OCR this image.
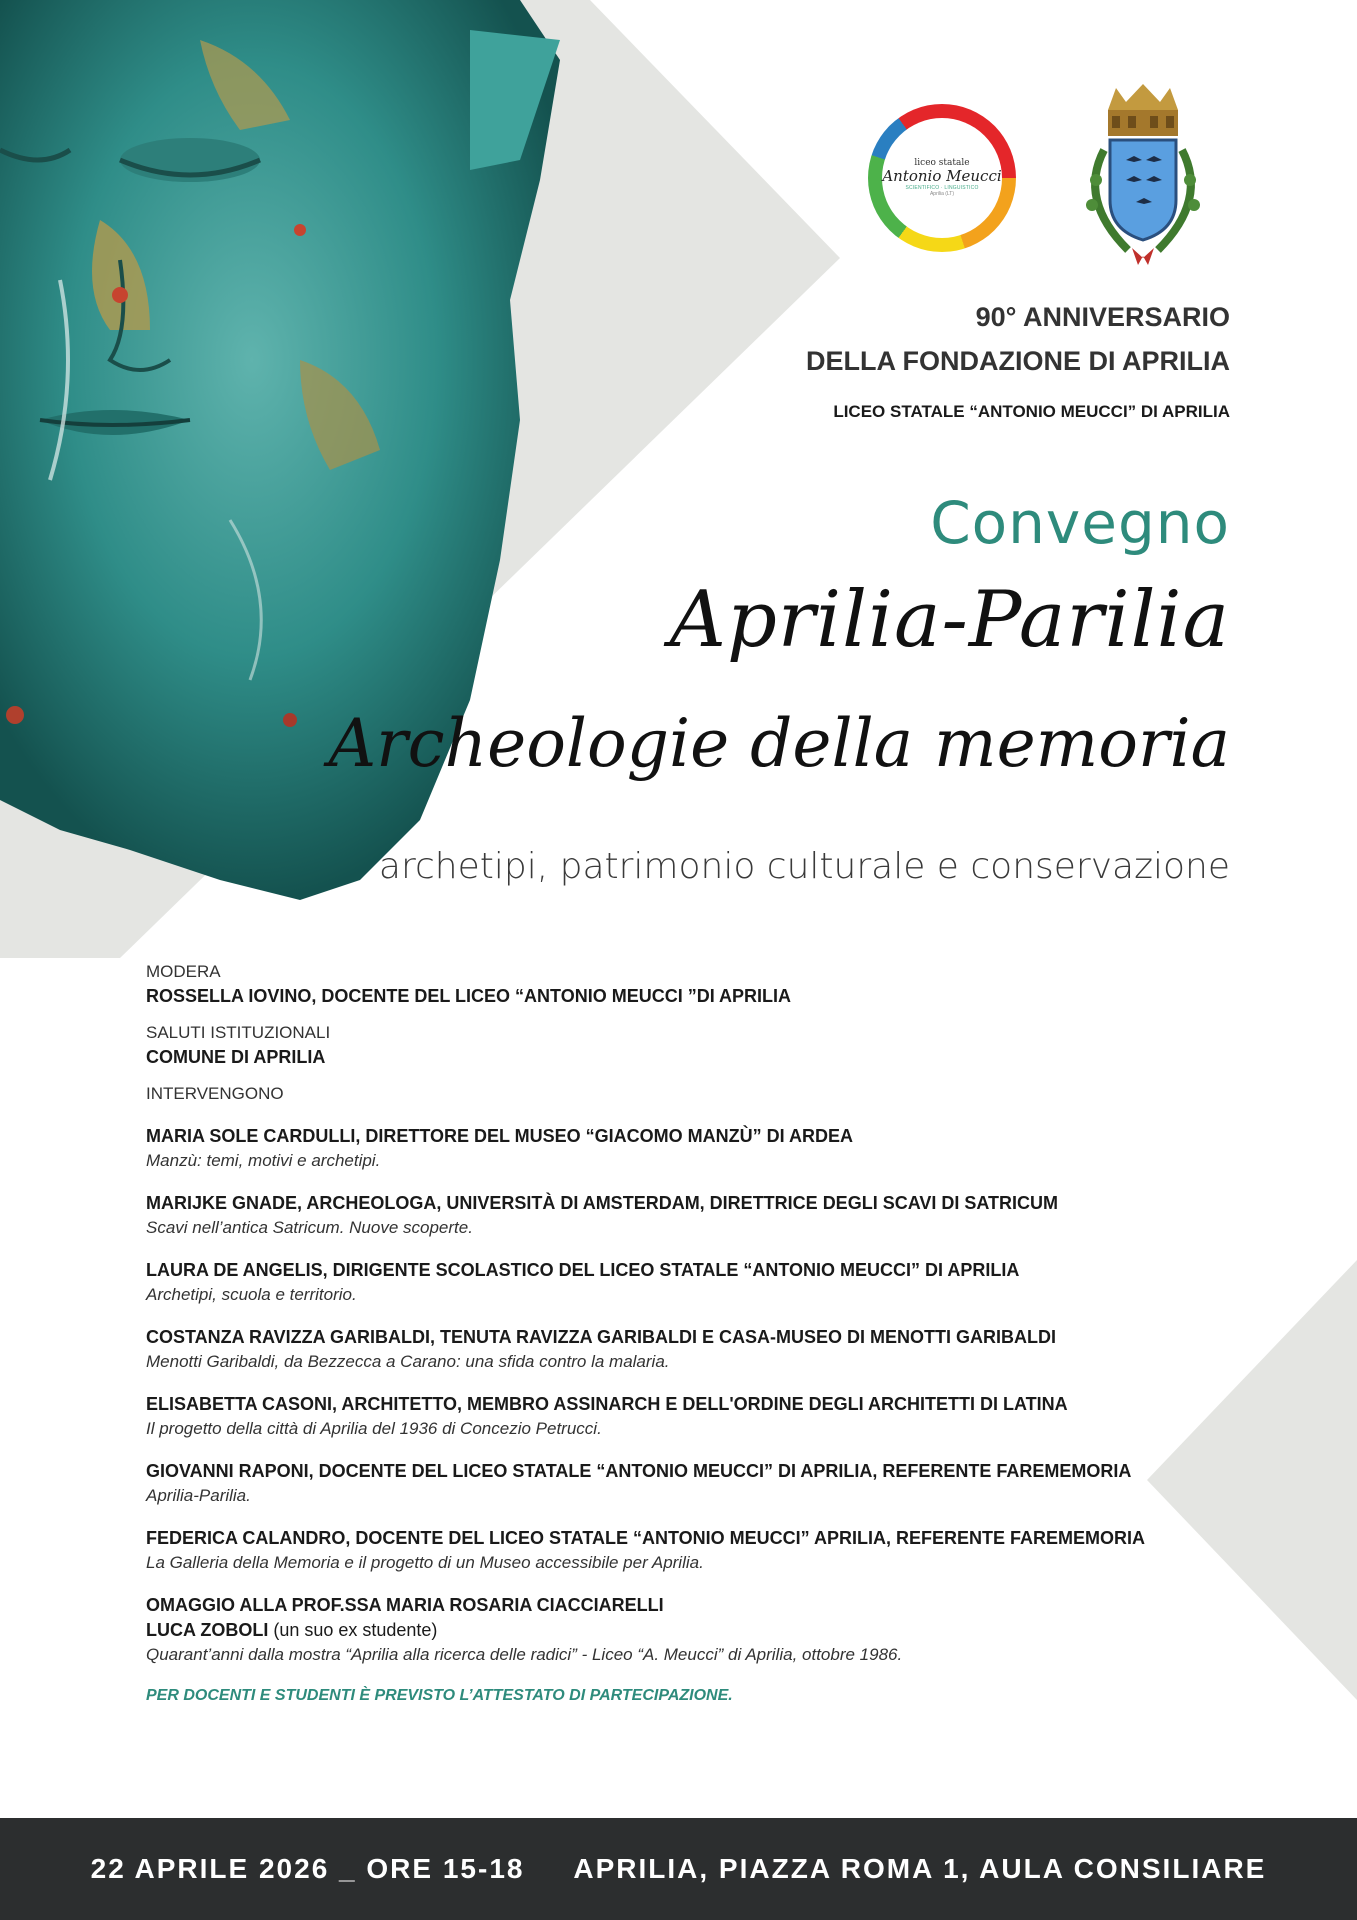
liceo statale
Antonio Meucci
SCIENTIFICO · LINGUISTICO
Aprilia (LT)
90° ANNIVERSARIO
DELLA FONDAZIONE DI APRILIA
LICEO STATALE “ANTONIO MEUCCI” DI APRILIA
Convegno
Aprilia-Parilia
Archeologie della memoria
archetipi, patrimonio culturale e conservazione

MODERA

ROSSELLA IOVINO, DOCENTE DEL LICEO “ANTONIO MEUCCI ”DI APRILIA

SALUTI ISTITUZIONALI

COMUNE DI APRILIA

INTERVENGONO

MARIA SOLE CARDULLI, DIRETTORE DEL MUSEO “GIACOMO MANZÙ” DI ARDEA

Manzù: temi, motivi e archetipi.

MARIJKE GNADE, ARCHEOLOGA, UNIVERSITÀ DI AMSTERDAM, DIRETTRICE DEGLI SCAVI DI SATRICUM

Scavi nell’antica Satricum. Nuove scoperte.

LAURA DE ANGELIS, DIRIGENTE SCOLASTICO DEL LICEO STATALE “ANTONIO MEUCCI” DI APRILIA

Archetipi, scuola e territorio.

COSTANZA RAVIZZA GARIBALDI, TENUTA RAVIZZA GARIBALDI E CASA-MUSEO DI MENOTTI GARIBALDI

Menotti Garibaldi, da Bezzecca a Carano: una sfida contro la malaria.

ELISABETTA CASONI, ARCHITETTO, MEMBRO ASSINARCH E DELL'ORDINE DEGLI ARCHITETTI DI LATINA

Il progetto della città di Aprilia del 1936 di Concezio Petrucci.

GIOVANNI RAPONI, DOCENTE DEL LICEO STATALE “ANTONIO MEUCCI” DI APRILIA, REFERENTE FAREMEMORIA

Aprilia-Parilia.

FEDERICA CALANDRO, DOCENTE DEL LICEO STATALE “ANTONIO MEUCCI” APRILIA, REFERENTE FAREMEMORIA

La Galleria della Memoria e il progetto di un Museo accessibile per Aprilia.

OMAGGIO ALLA PROF.SSA MARIA ROSARIA CIACCIARELLI

LUCA ZOBOLI (un suo ex studente)

Quarant’anni dalla mostra “Aprilia alla ricerca delle radici” - Liceo “A. Meucci” di Aprilia, ottobre 1986.

PER DOCENTI E STUDENTI È PREVISTO L’ATTESTATO DI PARTECIPAZIONE.

22 APRILE 2026 _ ORE 15-18
APRILIA, PIAZZA ROMA 1, AULA CONSILIARE
